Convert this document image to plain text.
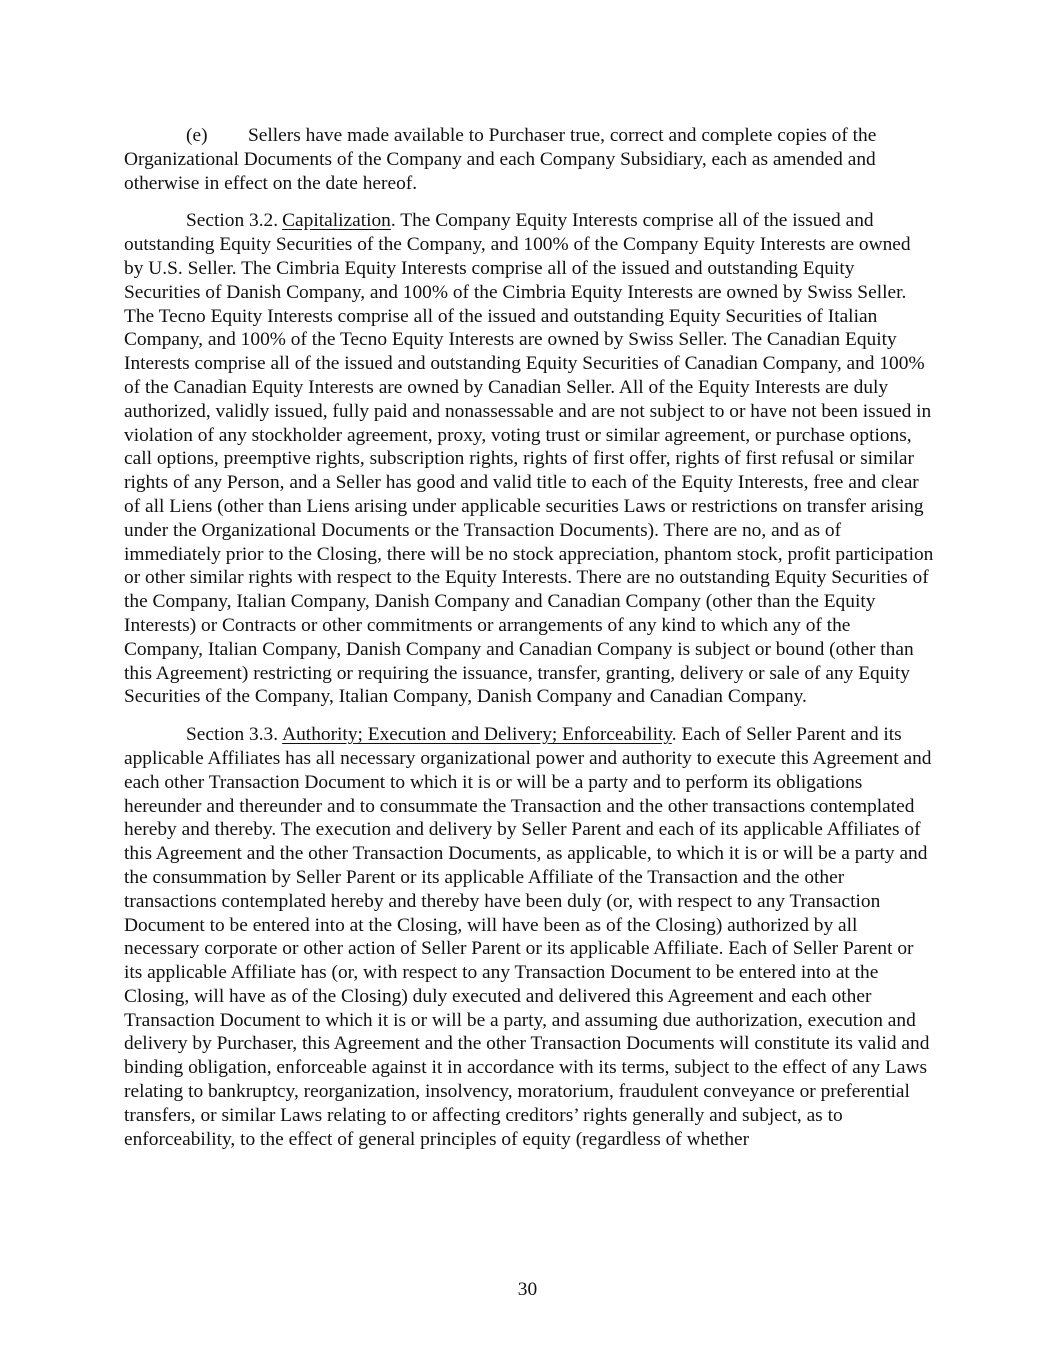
(e) Sellers have made available to Purchaser true, correct and complete copies of the Organizational Documents of the Company and each Company Subsidiary, each as amended and otherwise in effect on the date hereof.

Section 3.2. Capitalization. The Company Equity Interests comprise all of the issued and outstanding Equity Securities of the Company, and 100% of the Company Equity Interests are owned by U.S. Seller. The Cimbria Equity Interests comprise all of the issued and outstanding Equity Securities of Danish Company, and 100% of the Cimbria Equity Interests are owned by Swiss Seller. The Tecno Equity Interests comprise all of the issued and outstanding Equity Securities of Italian Company, and 100% of the Tecno Equity Interests are owned by Swiss Seller. The Canadian Equity Interests comprise all of the issued and outstanding Equity Securities of Canadian Company, and 100% of the Canadian Equity Interests are owned by Canadian Seller. All of the Equity Interests are duly authorized, validly issued, fully paid and nonassessable and are not subject to or have not been issued in violation of any stockholder agreement, proxy, voting trust or similar agreement, or purchase options, call options, preemptive rights, subscription rights, rights of first offer, rights of first refusal or similar rights of any Person, and a Seller has good and valid title to each of the Equity Interests, free and clear of all Liens (other than Liens arising under applicable securities Laws or restrictions on transfer arising under the Organizational Documents or the Transaction Documents). There are no, and as of immediately prior to the Closing, there will be no stock appreciation, phantom stock, profit participation or other similar rights with respect to the Equity Interests. There are no outstanding Equity Securities of the Company, Italian Company, Danish Company and Canadian Company (other than the Equity Interests) or Contracts or other commitments or arrangements of any kind to which any of the Company, Italian Company, Danish Company and Canadian Company is subject or bound (other than this Agreement) restricting or requiring the issuance, transfer, granting, delivery or sale of any Equity Securities of the Company, Italian Company, Danish Company and Canadian Company.

Section 3.3. Authority; Execution and Delivery; Enforceability. Each of Seller Parent and its applicable Affiliates has all necessary organizational power and authority to execute this Agreement and each other Transaction Document to which it is or will be a party and to perform its obligations hereunder and thereunder and to consummate the Transaction and the other transactions contemplated hereby and thereby. The execution and delivery by Seller Parent and each of its applicable Affiliates of this Agreement and the other Transaction Documents, as applicable, to which it is or will be a party and the consummation by Seller Parent or its applicable Affiliate of the Transaction and the other transactions contemplated hereby and thereby have been duly (or, with respect to any Transaction Document to be entered into at the Closing, will have been as of the Closing) authorized by all necessary corporate or other action of Seller Parent or its applicable Affiliate. Each of Seller Parent or its applicable Affiliate has (or, with respect to any Transaction Document to be entered into at the Closing, will have as of the Closing) duly executed and delivered this Agreement and each other Transaction Document to which it is or will be a party, and assuming due authorization, execution and delivery by Purchaser, this Agreement and the other Transaction Documents will constitute its valid and binding obligation, enforceable against it in accordance with its terms, subject to the effect of any Laws relating to bankruptcy, reorganization, insolvency, moratorium, fraudulent conveyance or preferential transfers, or similar Laws relating to or affecting creditors’ rights generally and subject, as to enforceability, to the effect of general principles of equity (regardless of whether

30
